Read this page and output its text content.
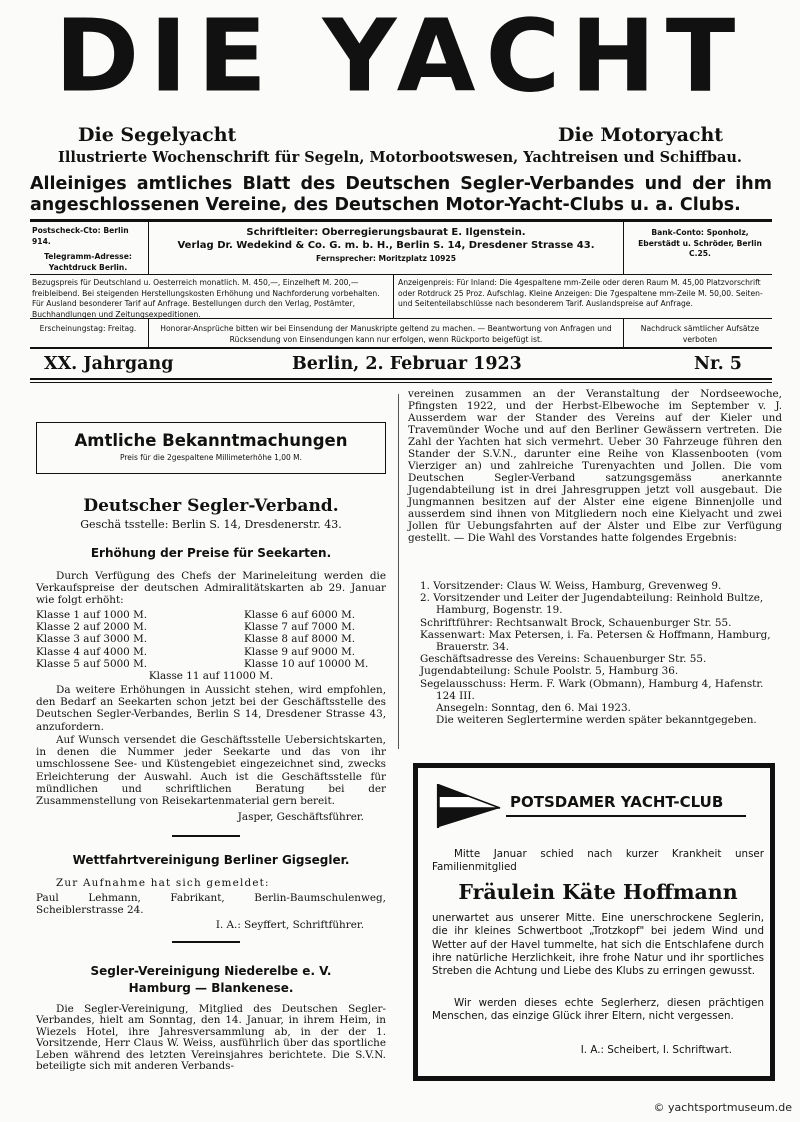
DIE YACHT
Die Segelyacht	Die Motoryacht
Illustrierte Wochenschrift für Segeln, Motorbootswesen, Yachtreisen und Schiffbau.
Alleiniges amtliches Blatt des Deutschen Segler-Verbandes und der ihm angeschlossenen Vereine, des Deutschen Motor-Yacht-Clubs u. a. Clubs.
Postscheck-Cto: Berlin 914.
Telegramm-Adresse: Yachtdruck Berlin.
Schriftleiter: Oberregierungsbaurat E. Ilgenstein.
Verlag Dr. Wedekind & Co. G. m. b. H., Berlin S. 14, Dresdener Strasse 43.
Fernsprecher: Moritzplatz 10925
Bank-Conto: Sponholz, Eberstädt u. Schröder, Berlin C.25.
Bezugspreis für Deutschland u. Oesterreich monatlich. M. 450,—, Einzelheft M. 200,— freibleibend. Bei steigenden Herstellungskosten Erhöhung und Nachforderung vorbehalten. Für Ausland besonderer Tarif auf Anfrage. Bestellungen durch den Verlag, Postämter, Buchhandlungen und Zeitungsexpeditionen.
Anzeigenpreis: Für Inland: Die 4gespaltene mm-Zeile oder deren Raum M. 45,00 Platzvorschrift oder Rotdruck 25 Proz. Aufschlag. Kleine Anzeigen: Die 7gespaltene mm-Zeile M. 50,00. Seiten- und Seitenteilabschlüsse nach besonderem Tarif. Auslandspreise auf Anfrage.
Erscheinungstag: Freitag.	Honorar-Ansprüche bitten wir bei Einsendung der Manuskripte geltend zu machen. — Beantwortung von Anfragen und Rücksendung von Einsendungen kann nur erfolgen, wenn Rückporto beigefügt ist.
Nachdruck sämtlicher Aufsätze verboten
XX. Jahrgang	Berlin, 2. Februar 1923	Nr. 5
Amtliche Bekanntmachungen
Preis für die 2gespaltene Millimeterhöhe 1,00 M.
Deutscher Segler-Verband.
Geschä tsstelle: Berlin S. 14, Dresdenerstr. 43.
Erhöhung der Preise für Seekarten.
Durch Verfügung des Chefs der Marineleitung werden die Verkaufspreise der deutschen Admiralitätskarten ab 29. Januar wie folgt erhöht:
Klasse 1 auf 1000 M.	Klasse 6 auf 6000 M.
Klasse 2 auf 2000 M.	Klasse 7 auf 7000 M.
Klasse 3 auf 3000 M.	Klasse 8 auf 8000 M.
Klasse 4 auf 4000 M.	Klasse 9 auf 9000 M.
Klasse 5 auf 5000 M.	Klasse 10 auf 10000 M.
Klasse 11 auf 11000 M.
Da weitere Erhöhungen in Aussicht stehen, wird empfohlen, den Bedarf an Seekarten schon jetzt bei der Geschäftsstelle des Deutschen Segler-Verbandes, Berlin S 14, Dresdener Strasse 43, anzufordern.
Auf Wunsch versendet die Geschäftsstelle Uebersichtskarten, in denen die Nummer jeder Seekarte und das von ihr umschlossene See- und Küstengebiet eingezeichnet sind, zwecks Erleichterung der Auswahl. Auch ist die Geschäftsstelle für mündlichen und schriftlichen Beratung bei der Zusammenstellung von Reisekartenmaterial gern bereit.
Jasper, Geschäftsführer.
Wettfahrtvereinigung Berliner Gigsegler.
Zur Aufnahme hat sich gemeldet:
Paul Lehmann, Fabrikant, Berlin-Baumschulenweg, Scheiblerstrasse 24.
I. A.: Seyffert, Schriftführer.
Segler-Vereinigung Niederelbe e. V.
Hamburg — Blankenese.
Die Segler-Vereinigung, Mitglied des Deutschen Segler-Verbandes, hielt am Sonntag, den 14. Januar, in ihrem Heim, in Wiezels Hotel, ihre Jahresversammlung ab, in der der 1. Vorsitzende, Herr Claus W. Weiss, ausführlich über das sportliche Leben während des letzten Vereinsjahres berichtete. Die S.V.N. beteiligte sich mit anderen Verbands-
vereinen zusammen an der Veranstaltung der Nordseewoche, Pfingsten 1922, und der Herbst-Elbewoche im September v. J. Ausserdem war der Stander des Vereins auf der Kieler und Travemünder Woche und auf den Berliner Gewässern vertreten. Die Zahl der Yachten hat sich vermehrt. Ueber 30 Fahrzeuge führen den Stander der S.V.N., darunter eine Reihe von Klassenbooten (vom Vierziger an) und zahlreiche Turenyachten und Jollen. Die vom Deutschen Segler-Verband satzungsgemäss anerkannte Jugendabteilung ist in drei Jahresgruppen jetzt voll ausgebaut. Die Jungmannen besitzen auf der Alster eine eigene Binnenjolle und ausserdem sind ihnen von Mitgliedern noch eine Kielyacht und zwei Jollen für Uebungsfahrten auf der Alster und Elbe zur Verfügung gestellt. — Die Wahl des Vorstandes hatte folgendes Ergebnis:
1. Vorsitzender: Claus W. Weiss, Hamburg, Grevenweg 9.
2. Vorsitzender und Leiter der Jugendabteilung: Reinhold Bultze, Hamburg, Bogenstr. 19.
Schriftführer: Rechtsanwalt Brock, Schauenburger Str. 55.
Kassenwart: Max Petersen, i. Fa. Petersen & Hoffmann, Hamburg, Brauerstr. 34.
Geschäftsadresse des Vereins: Schauenburger Str. 55.
Jugendabteilung: Schule Poolstr. 5, Hamburg 36.
Segelausschuss: Herm. F. Wark (Obmann), Hamburg 4, Hafenstr. 124 III.
Ansegeln: Sonntag, den 6. Mai 1923.
Die weiteren Seglertermine werden später bekanntgegeben.
POTSDAMER YACHT-CLUB
Mitte Januar schied nach kurzer Krankheit unser Familienmitglied
Fräulein Käte Hoffmann
unerwartet aus unserer Mitte. Eine unerschrockene Seglerin, die ihr kleines Schwertboot „Trotzkopf" bei jedem Wind und Wetter auf der Havel tummelte, hat sich die Entschlafene durch ihre natürliche Herzlichkeit, ihre frohe Natur und ihr sportliches Streben die Achtung und Liebe des Klubs zu erringen gewusst.
Wir werden dieses echte Seglerherz, diesen prächtigen Menschen, das einzige Glück ihrer Eltern, nicht vergessen.
I. A.: Scheibert, I. Schriftwart.
© yachtsportmuseum.de
